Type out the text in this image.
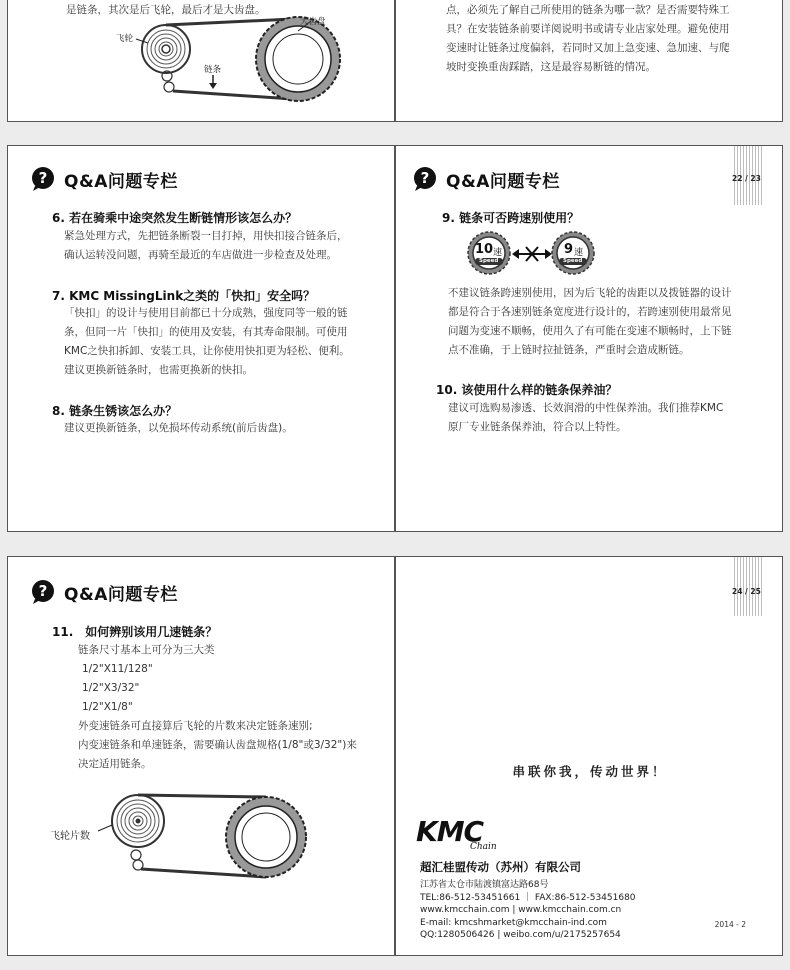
是链条，其次是后飞轮，最后才是大齿盘。
飞轮
大齿盘
链条
点，必须先了解自己所使用的链条为哪一款？是否需要特殊工
具？在安装链条前要详阅说明书或请专业店家处理。避免使用
变速时让链条过度偏斜，若同时又加上急变速、急加速、与爬
坡时变换重齿踩踏，这是最容易断链的情况。
? Q&A问题专栏
6. 若在骑乘中途突然发生断链情形该怎么办？
紧急处理方式，先把链条断裂一目打掉，用快扣接合链条后，
确认运转没问题，再骑至最近的车店做进一步检查及处理。
7. KMC MissingLink之类的「快扣」安全吗？
「快扣」的设计与使用目前都已十分成熟，强度同等一般的链
条，但同一片「快扣」的使用及安装，有其寿命限制。可使用
KMC之快扣拆卸、安装工具，让你使用快扣更为轻松、便利。
建议更换新链条时，也需更换新的快扣。
8. 链条生锈该怎么办？
建议更换新链条，以免损坏传动系统(前后齿盘)。
22 / 23
? Q&A问题专栏
9. 链条可否跨速别使用？
10 速
Speed
9 速
Speed
不建议链条跨速别使用，因为后飞轮的齿距以及拨链器的设计
都是符合于各速别链条宽度进行设计的，若跨速别使用最常见
问题为变速不顺畅，使用久了有可能在变速不顺畅时，上下链
点不准确，于上链时拉扯链条，严重时会造成断链。
10. 该使用什么样的链条保养油？
建议可选购易渗透、长效润滑的中性保养油。我们推荐KMC
原厂专业链条保养油，符合以上特性。
? Q&A问题专栏
11.　如何辨别该用几速链条？
链条尺寸基本上可分为三大类
1/2"X11/128"
1/2"X3/32"
1/2"X1/8"
外变速链条可直接算后飞轮的片数来决定链条速别;
内变速链条和单速链条，需要确认齿盘规格(1/8"或3/32")来
决定适用链条。
飞轮片数
24 / 25
串联你我，传动世界！
KMC
Chain
超汇桂盟传动（苏州）有限公司
江苏省太仓市陆渡镇富达路68号
TEL:86-512-53451661 ｜ FAX:86-512-53451680
www.kmcchain.com | www.kmcchain.com.cn
E-mail: kmcshmarket@kmcchain-ind.com
QQ:1280506426 | weibo.com/u/2175257654
2014 - 2
